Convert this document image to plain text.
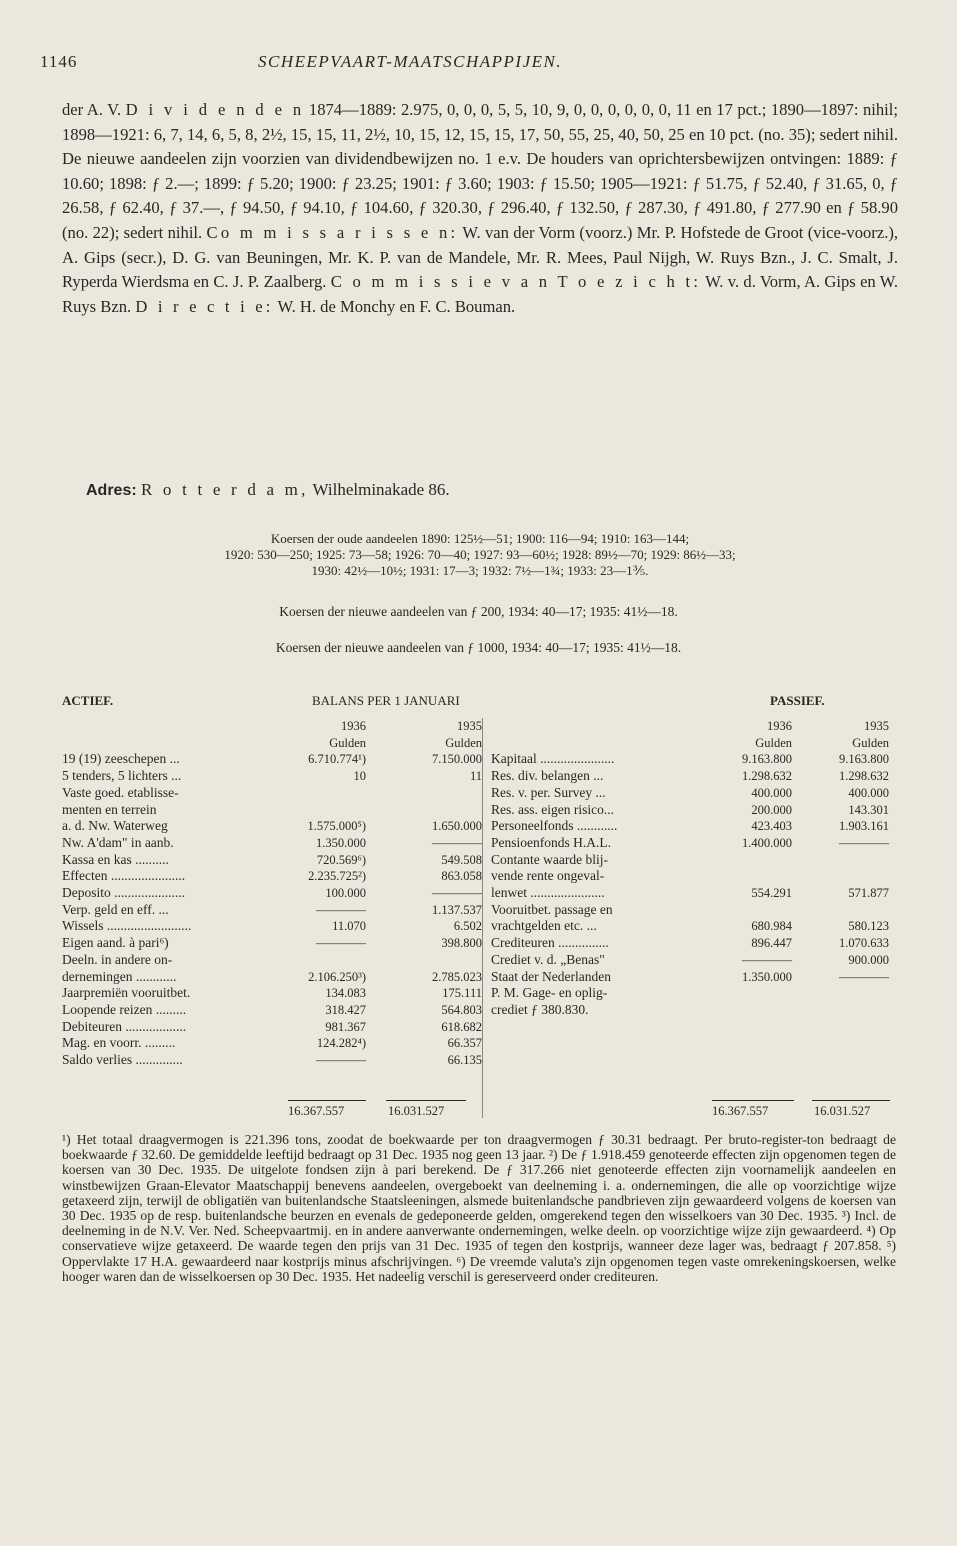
1146	SCHEEPVAART-MAATSCHAPPIJEN.

der A. V. D i v i d e n d e n 1874—1889: 2.975, 0, 0, 0, 5, 5, 10, 9, 0, 0, 0, 0, 0, 0, 11 en 17 pct.; 1890—1897: nihil; 1898—1921: 6, 7, 14, 6, 5, 8, 2½, 15, 15, 11, 2½, 10, 15, 12, 15, 15, 17, 50, 55, 25, 40, 50, 25 en 10 pct. (no. 35); sedert nihil. De nieuwe aandeelen zijn voorzien van dividendbewijzen no. 1 e.v. De houders van oprichtersbewijzen ontvingen: 1889: ƒ 10.60; 1898: ƒ 2.—; 1899: ƒ 5.20; 1900: ƒ 23.25; 1901: ƒ 3.60; 1903: ƒ 15.50; 1905—1921: ƒ 51.75, ƒ 52.40, ƒ 31.65, 0, ƒ 26.58, ƒ 62.40, ƒ 37.—, ƒ 94.50, ƒ 94.10, ƒ 104.60, ƒ 320.30, ƒ 296.40, ƒ 132.50, ƒ 287.30, ƒ 491.80, ƒ 277.90 en ƒ 58.90 (no. 22); sedert nihil. Co m m i s s a r i s s e n: W. van der Vorm (voorz.) Mr. P. Hofstede de Groot (vice-voorz.), A. Gips (secr.), D. G. van Beuningen, Mr. K. P. van de Mandele, Mr. R. Mees, Paul Nijgh, W. Ruys Bzn., J. C. Smalt, J. Ryperda Wierdsma en C. J. P. Zaalberg. C o m m i s s i e v a n T o e z i c h t: W. v. d. Vorm, A. Gips en W. Ruys Bzn. D i r e c t i e: W. H. de Monchy en F. C. Bouman.

Adres: R o t t e r d a m, Wilhelminakade 86.
Koersen der oude aandeelen 1890: 125½—51; 1900: 116—94; 1910: 163—144;
1920: 530—250; 1925: 73—58; 1926: 70—40; 1927: 93—60½; 1928: 89½—70; 1929: 86½—33;
1930: 42½—10½; 1931: 17—3; 1932: 7½—1¾; 1933: 23—1⅗.
Koersen der nieuwe aandeelen van ƒ 200, 1934: 40—17; 1935: 41½—18.
Koersen der nieuwe aandeelen van ƒ 1000, 1934: 40—17; 1935: 41½—18.
ACTIEF.	BALANS PER 1 JANUARI	PASSIEF.
	1936	1935
	Gulden	Gulden
19 (19) zeeschepen ...	6.710.774¹)	7.150.000
5 tenders, 5 lichters ...	10	11
Vaste goed. etablisse-		
menten en terrein		
a. d. Nw. Waterweg	1.575.000⁵)	1.650.000
Nw. A'dam" in aanb.	1.350.000	————
Kassa en kas ..........	720.569⁶)	549.508
Effecten ......................	2.235.725²)	863.058
Deposito .....................	100.000	————
Verp. geld en eff. ...	————	1.137.537
Wissels .........................	11.070	6.502
Eigen aand. à pari⁶)	————	398.800
Deeln. in andere on-		
dernemingen ............	2.106.250³)	2.785.023
Jaarpremiën vooruitbet.	134.083	175.111
Loopende reizen .........	318.427	564.803
Debiteuren ..................	981.367	618.682
Mag. en voorr. .........	124.282⁴)	66.357
Saldo verlies ..............	————	66.135
	1936	1935
	Gulden	Gulden
Kapitaal ......................	9.163.800	9.163.800
Res. div. belangen ...	1.298.632	1.298.632
Res. v. per. Survey ...	400.000	400.000
Res. ass. eigen risico...	200.000	143.301
Personeelfonds ............	423.403	1.903.161
Pensioenfonds H.A.L.	1.400.000	————
Contante waarde blij-		
vende rente ongeval-		
lenwet ......................	554.291	571.877
Vooruitbet. passage en		
vrachtgelden etc. ...	680.984	580.123
Crediteuren ...............	896.447	1.070.633
Crediet v. d. „Benas"	————	900.000
Staat der Nederlanden	1.350.000	————
P. M. Gage- en oplig-		
crediet ƒ 380.830.		
16.367.557	16.031.527	16.367.557	16.031.527

¹) Het totaal draagvermogen is 221.396 tons, zoodat de boekwaarde per ton draagvermogen ƒ 30.31 bedraagt. Per bruto-register-ton bedraagt de boekwaarde ƒ 32.60. De gemiddelde leeftijd bedraagt op 31 Dec. 1935 nog geen 13 jaar. ²) De ƒ 1.918.459 genoteerde effecten zijn opgenomen tegen de koersen van 30 Dec. 1935. De uitgelote fondsen zijn à pari berekend. De ƒ 317.266 niet genoteerde effecten zijn voornamelijk aandeelen en winstbewijzen Graan-Elevator Maatschappij benevens aandeelen, overgeboekt van deelneming i. a. ondernemingen, die alle op voorzichtige wijze getaxeerd zijn, terwijl de obligatiën van buitenlandsche Staatsleeningen, alsmede buitenlandsche pandbrieven zijn gewaardeerd volgens de koersen van 30 Dec. 1935 op de resp. buitenlandsche beurzen en evenals de gedeponeerde gelden, omgerekend tegen den wisselkoers van 30 Dec. 1935. ³) Incl. de deelneming in de N.V. Ver. Ned. Scheepvaartmij. en in andere aanverwante ondernemingen, welke deeln. op voorzichtige wijze zijn gewaardeerd. ⁴) Op conservatieve wijze getaxeerd. De waarde tegen den prijs van 31 Dec. 1935 of tegen den kostprijs, wanneer deze lager was, bedraagt ƒ 207.858. ⁵) Oppervlakte 17 H.A. gewaardeerd naar kostprijs minus afschrijvingen. ⁶) De vreemde valuta's zijn opgenomen tegen vaste omrekeningskoersen, welke hooger waren dan de wisselkoersen op 30 Dec. 1935. Het nadeelig verschil is gereserveerd onder crediteuren.
